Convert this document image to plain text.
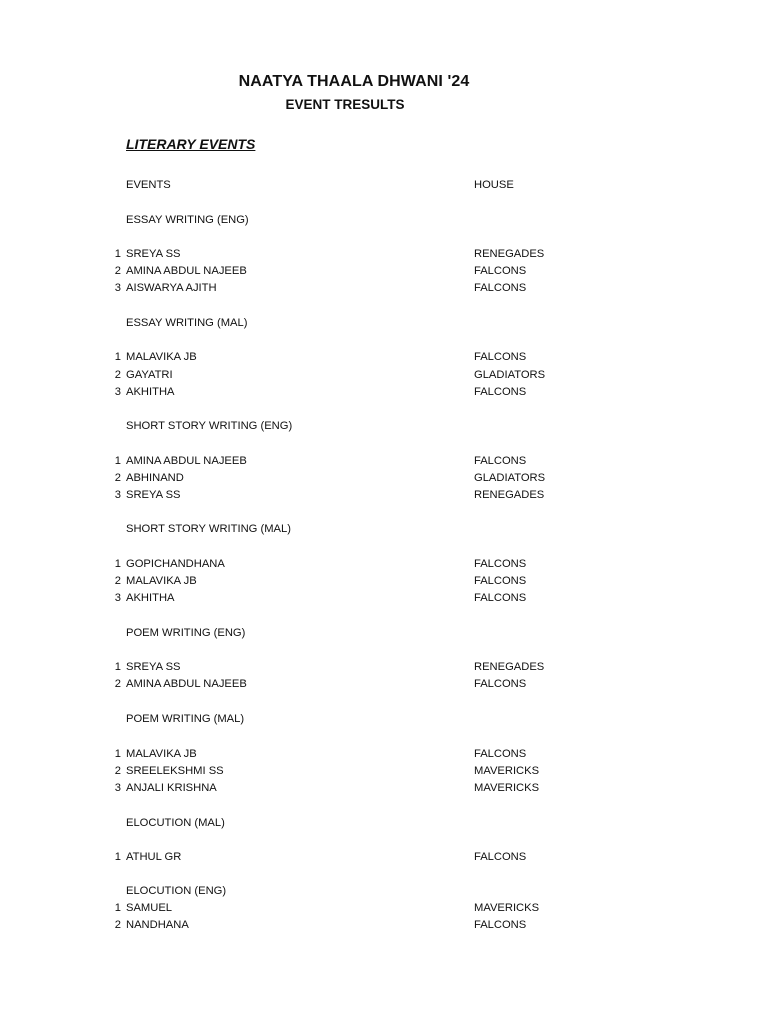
NAATYA THAALA DHWANI '24
EVENT TRESULTS
LITERARY EVENTS
EVENTS	HOUSE
ESSAY WRITING (ENG)
1 SREYA SS	RENEGADES
2 AMINA ABDUL NAJEEB	FALCONS
3 AISWARYA AJITH	FALCONS
ESSAY WRITING (MAL)
1 MALAVIKA JB	FALCONS
2 GAYATRI	GLADIATORS
3 AKHITHA	FALCONS
SHORT STORY WRITING (ENG)
1 AMINA ABDUL NAJEEB	FALCONS
2 ABHINAND	GLADIATORS
3 SREYA SS	RENEGADES
SHORT STORY WRITING (MAL)
1 GOPICHANDHANA	FALCONS
2 MALAVIKA JB	FALCONS
3 AKHITHA	FALCONS
POEM WRITING (ENG)
1 SREYA SS	RENEGADES
2 AMINA ABDUL NAJEEB	FALCONS
POEM WRITING (MAL)
1 MALAVIKA JB	FALCONS
2 SREELEKSHMI SS	MAVERICKS
3 ANJALI KRISHNA	MAVERICKS
ELOCUTION (MAL)
1 ATHUL GR	FALCONS
ELOCUTION (ENG)
1 SAMUEL	MAVERICKS
2 NANDHANA	FALCONS
